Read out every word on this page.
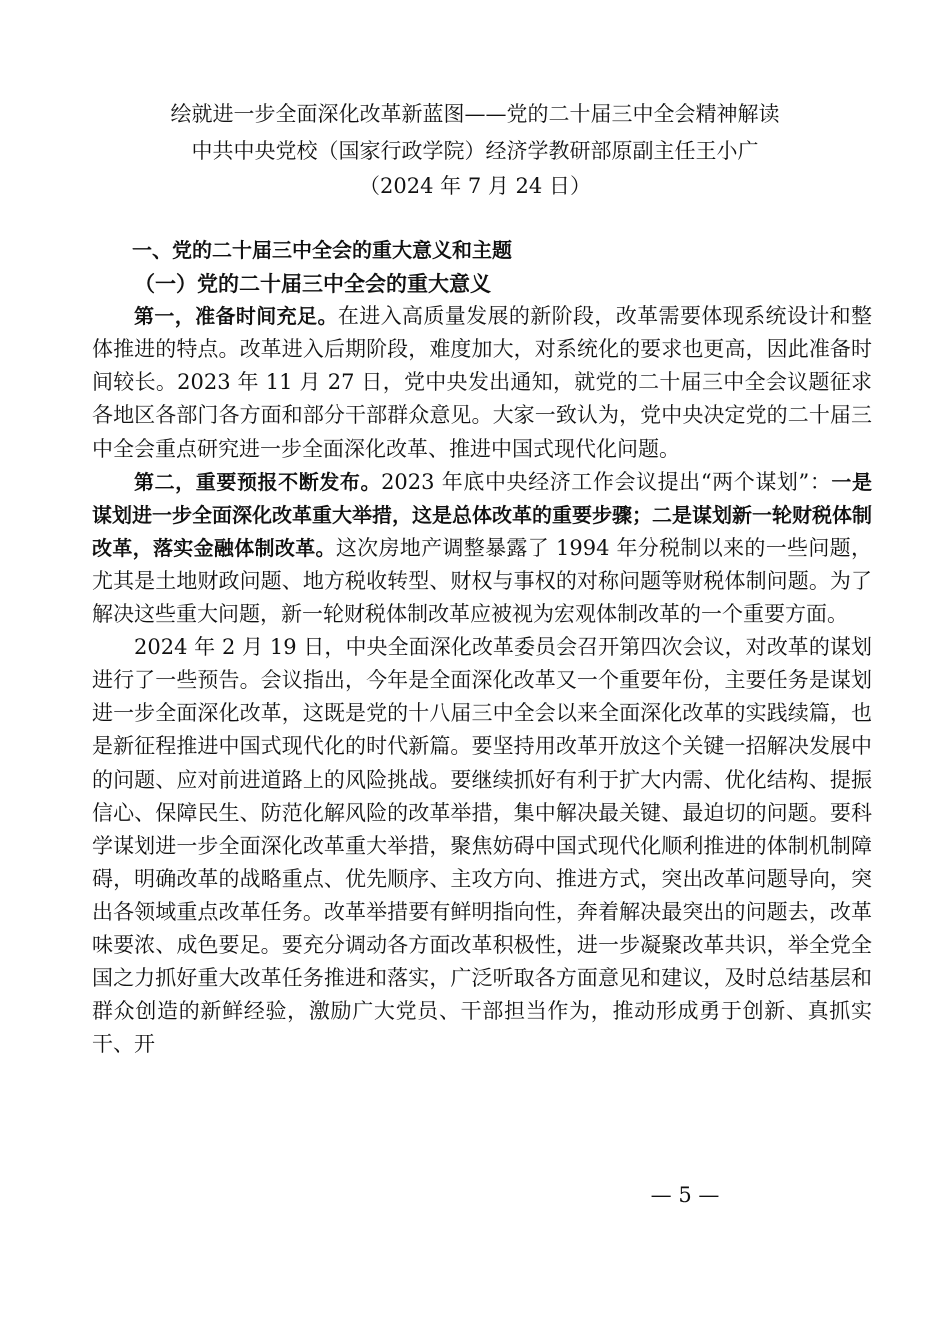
绘就进一步全面深化改革新蓝图——党的二十届三中全会精神解读
中共中央党校（国家行政学院）经济学教研部原副主任王小广
（2024 年 7 月 24 日）

一、党的二十届三中全会的重大意义和主题

（一）党的二十届三中全会的重大意义

第一，准备时间充足。在进入高质量发展的新阶段，改革需要体现系统设计和整体推进的特点。改革进入后期阶段，难度加大，对系统化的要求也更高，因此准备时间较长。2023 年 11 月 27 日，党中央发出通知，就党的二十届三中全会议题征求各地区各部门各方面和部分干部群众意见。大家一致认为，党中央决定党的二十届三中全会重点研究进一步全面深化改革、推进中国式现代化问题。

第二，重要预报不断发布。2023 年底中央经济工作会议提出“两个谋划”：一是谋划进一步全面深化改革重大举措，这是总体改革的重要步骤；二是谋划新一轮财税体制改革，落实金融体制改革。这次房地产调整暴露了 1994 年分税制以来的一些问题，尤其是土地财政问题、地方税收转型、财权与事权的对称问题等财税体制问题。为了解决这些重大问题，新一轮财税体制改革应被视为宏观体制改革的一个重要方面。

2024 年 2 月 19 日，中央全面深化改革委员会召开第四次会议，对改革的谋划进行了一些预告。会议指出，今年是全面深化改革又一个重要年份，主要任务是谋划进一步全面深化改革，这既是党的十八届三中全会以来全面深化改革的实践续篇，也是新征程推进中国式现代化的时代新篇。要坚持用改革开放这个关键一招解决发展中的问题、应对前进道路上的风险挑战。要继续抓好有利于扩大内需、优化结构、提振信心、保障民生、防范化解风险的改革举措，集中解决最关键、最迫切的问题。要科学谋划进一步全面深化改革重大举措，聚焦妨碍中国式现代化顺利推进的体制机制障碍，明确改革的战略重点、优先顺序、主攻方向、推进方式，突出改革问题导向，突出各领域重点改革任务。改革举措要有鲜明指向性，奔着解决最突出的问题去，改革味要浓、成色要足。要充分调动各方面改革积极性，进一步凝聚改革共识，举全党全国之力抓好重大改革任务推进和落实，广泛听取各方面意见和建议，及时总结基层和群众创造的新鲜经验，激励广大党员、干部担当作为，推动形成勇于创新、真抓实干、开

— 5 —
